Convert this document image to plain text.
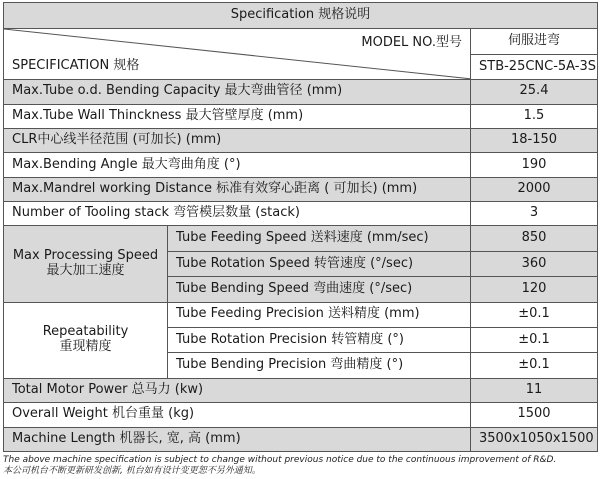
Specification 规格说明		

MODEL NO.型号
SPECIFICATION 规格		伺服进弯
		STB-25CNC-5A-3S
Max.Tube o.d. Bending Capacity 最大弯曲管径 (mm)		25.4
Max.Tube Wall Thinckness 最大管壁厚度 (mm)		1.5
CLR中心线半径范围 (可加长) (mm)		18-150
Max.Bending Angle 最大弯曲角度 (°)		190
Max.Mandrel working Distance 标准有效穿心距离 ( 可加长) (mm)		2000
Number of Tooling stack 弯管模层数量 (stack)		3

Max Processing Speed
最大加工速度	Tube Feeding Speed 送料速度 (mm/sec)	850
	Tube Rotation Speed 转管速度 (°/sec)	360
	Tube Bending Speed 弯曲速度 (°/sec)	120

Repeatability
重现精度	Tube Feeding Precision 送料精度 (mm)	±0.1
	Tube Rotation Precision 转管精度 (°)	±0.1
	Tube Bending Precision 弯曲精度 (°)	±0.1
Total Motor Power 总马力 (kw)		11
Overall Weight 机台重量 (kg)		1500
Machine Length 机器长, 宽, 高 (mm)		3500x1050x1500
The above machine specification is subject to change without previous notice due to the continuous improvement of R&D.
本公司机台不断更新研发创新, 机台如有设计变更恕不另外通知。
